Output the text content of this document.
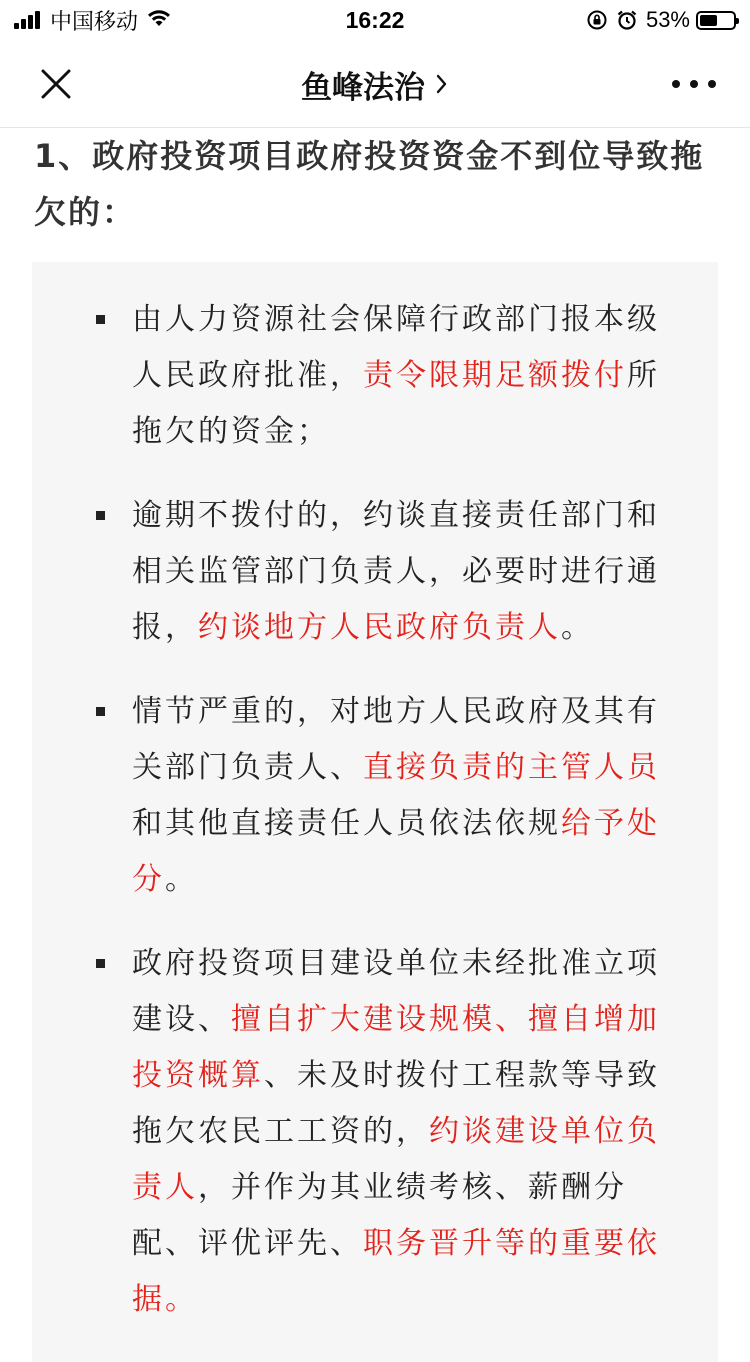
中国移动	16:22	53%
鱼峰法治

1、政府投资项目政府投资资金不到位导致拖欠的：

由人力资源社会保障行政部门报本级人民政府批准，责令限期足额拨付所拖欠的资金；
逾期不拨付的，约谈直接责任部门和相关监管部门负责人，必要时进行通报，约谈地方人民政府负责人。
情节严重的，对地方人民政府及其有关部门负责人、直接负责的主管人员和其他直接责任人员依法依规给予处分。
政府投资项目建设单位未经批准立项建设、擅自扩大建设规模、擅自增加投资概算、未及时拨付工程款等导致拖欠农民工工资的，约谈建设单位负责人，并作为其业绩考核、薪酬分配、评优评先、职务晋升等的重要依据。
